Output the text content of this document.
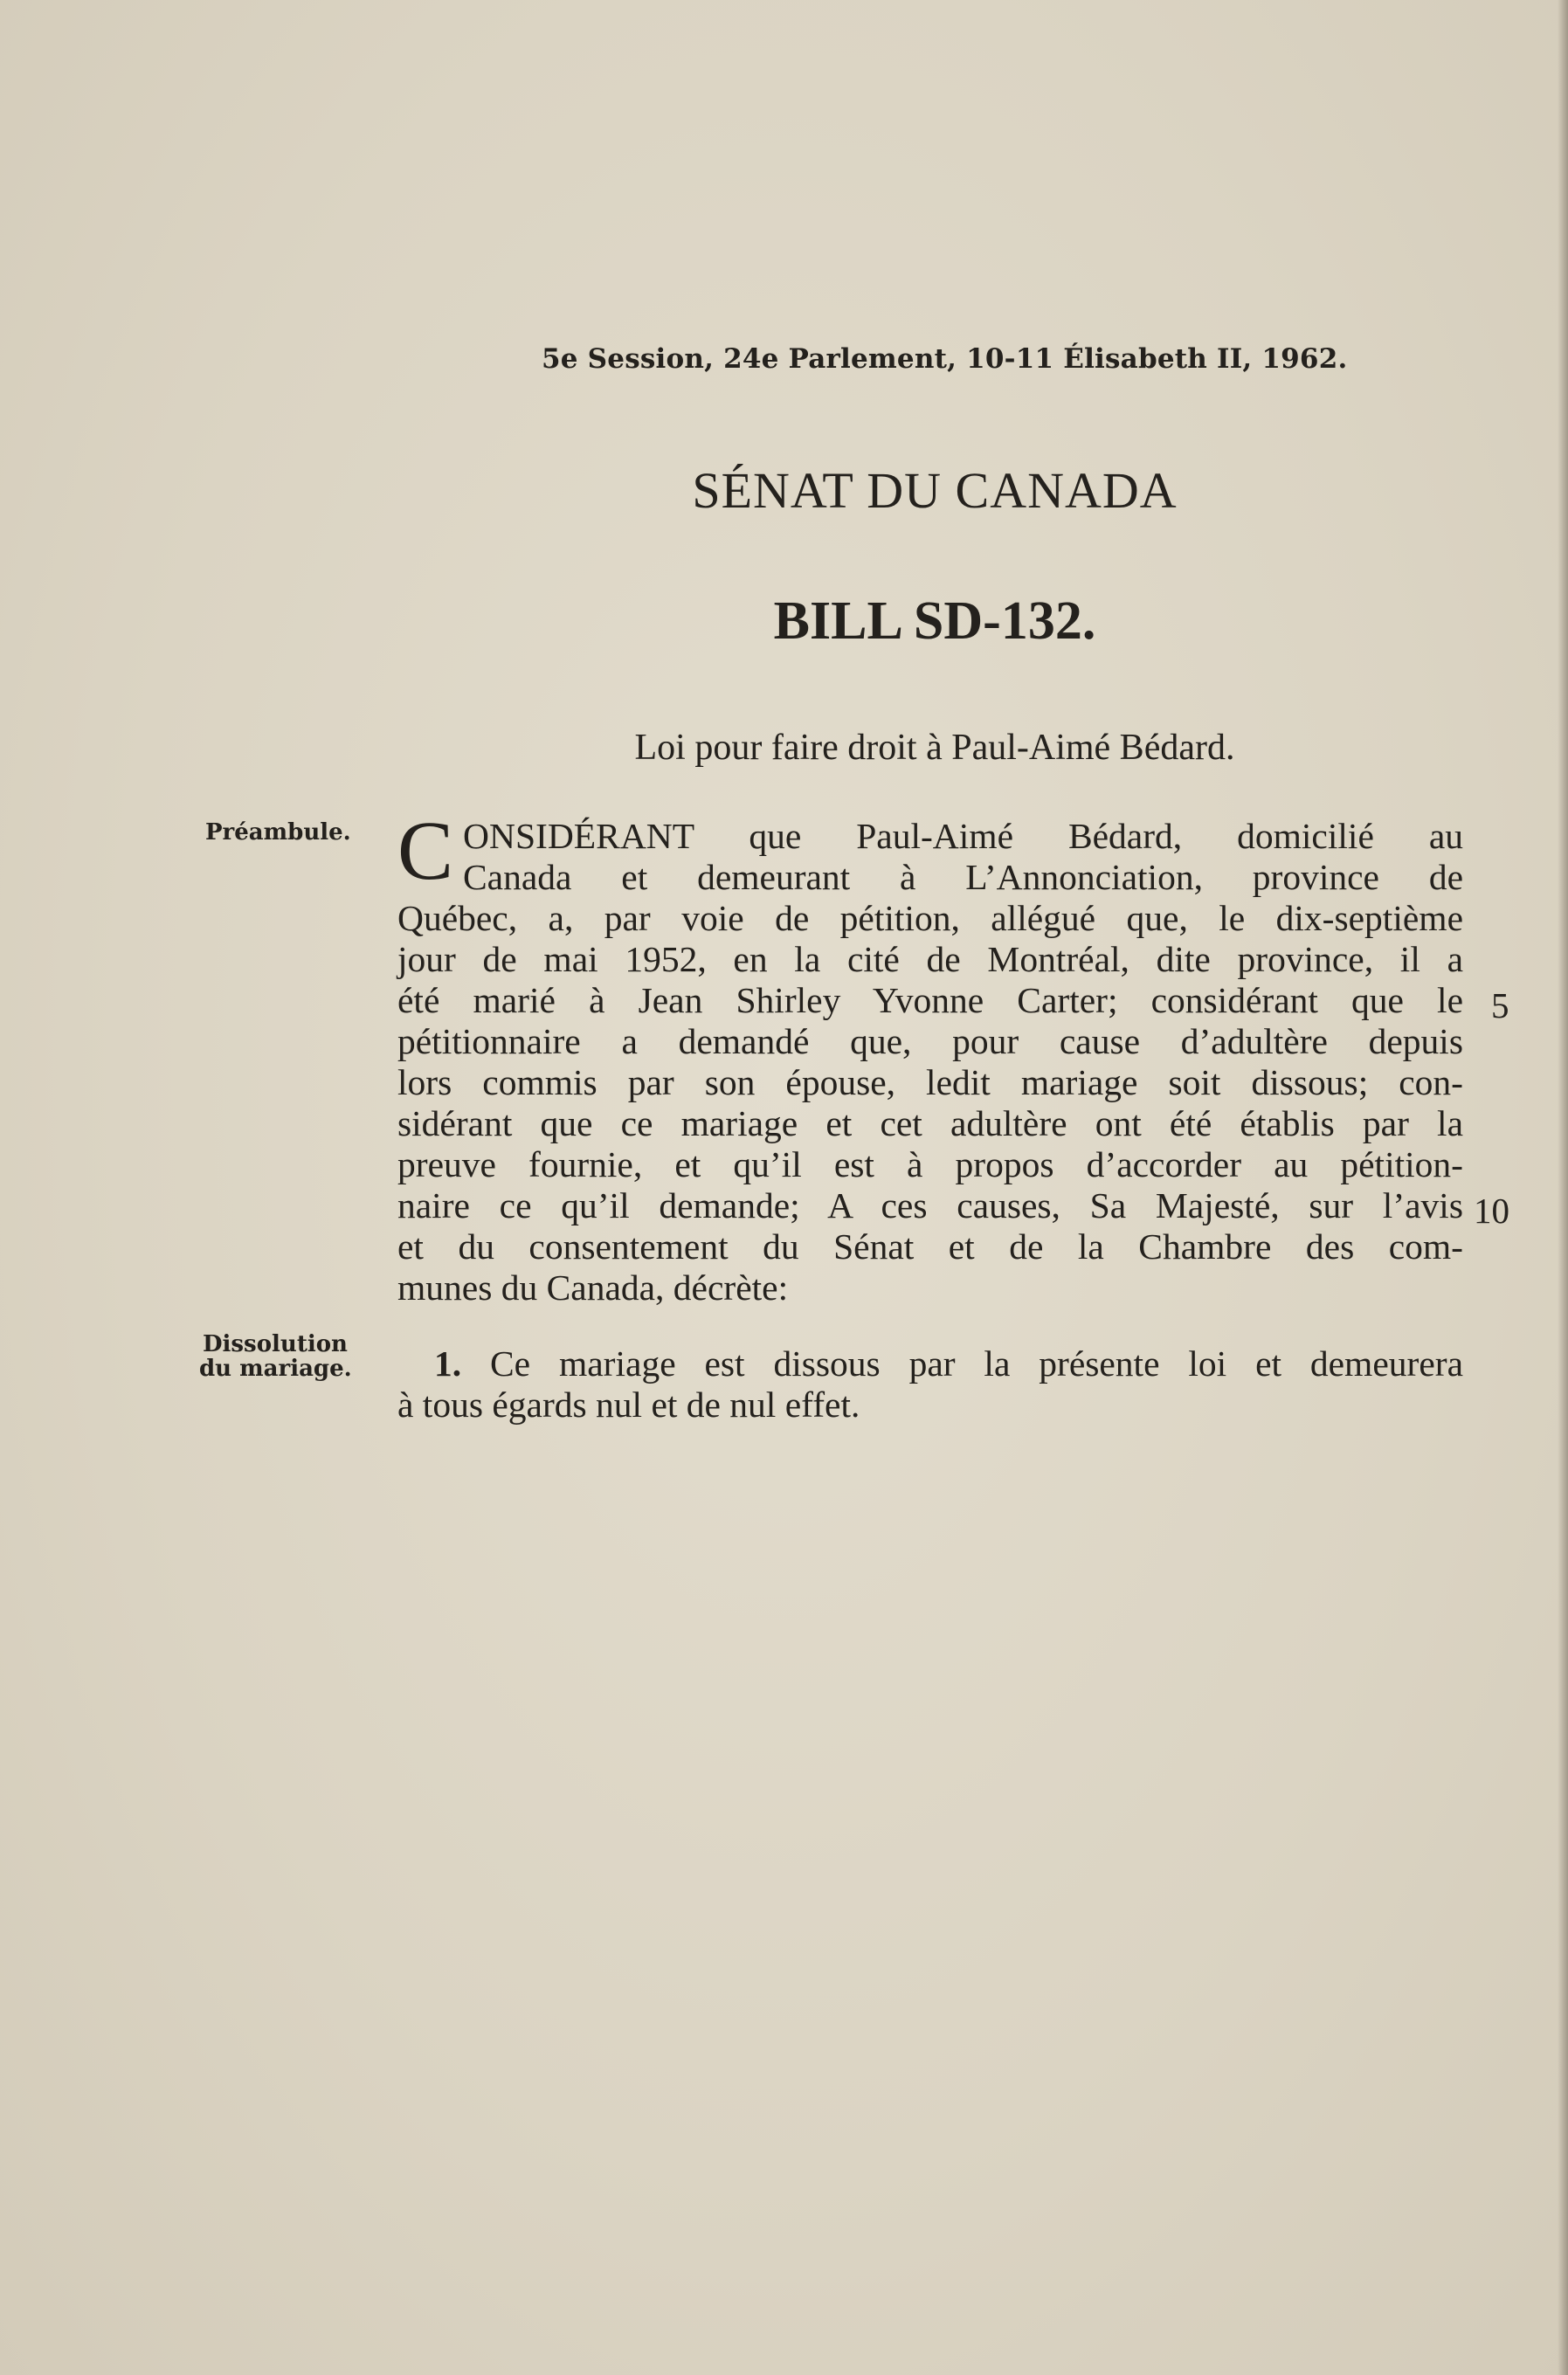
5e Session, 24e Parlement, 10-11 Élisabeth II, 1962.
SÉNAT DU CANADA
BILL SD-132.
Loi pour faire droit à Paul-Aimé Bédard.
Préambule. C ONSIDÉRANT que Paul-Aimé Bédard, domicilié au
Canada et demeurant à L’Annonciation, province de
Québec, a, par voie de pétition, allégué que, le dix-septième
jour de mai 1952, en la cité de Montréal, dite province, il a
été marié à Jean Shirley Yvonne Carter; considérant que le
pétitionnaire a demandé que, pour cause d’adultère depuis
lors commis par son épouse, ledit mariage soit dissous; con-
sidérant que ce mariage et cet adultère ont été établis par la
preuve fournie, et qu’il est à propos d’accorder au pétition-
naire ce qu’il demande; A ces causes, Sa Majesté, sur l’avis
et du consentement du Sénat et de la Chambre des com-
munes du Canada, décrète:
5
10
Dissolution
du mariage. 1. Ce mariage est dissous par la présente loi et demeurera
à tous égards nul et de nul effet.
